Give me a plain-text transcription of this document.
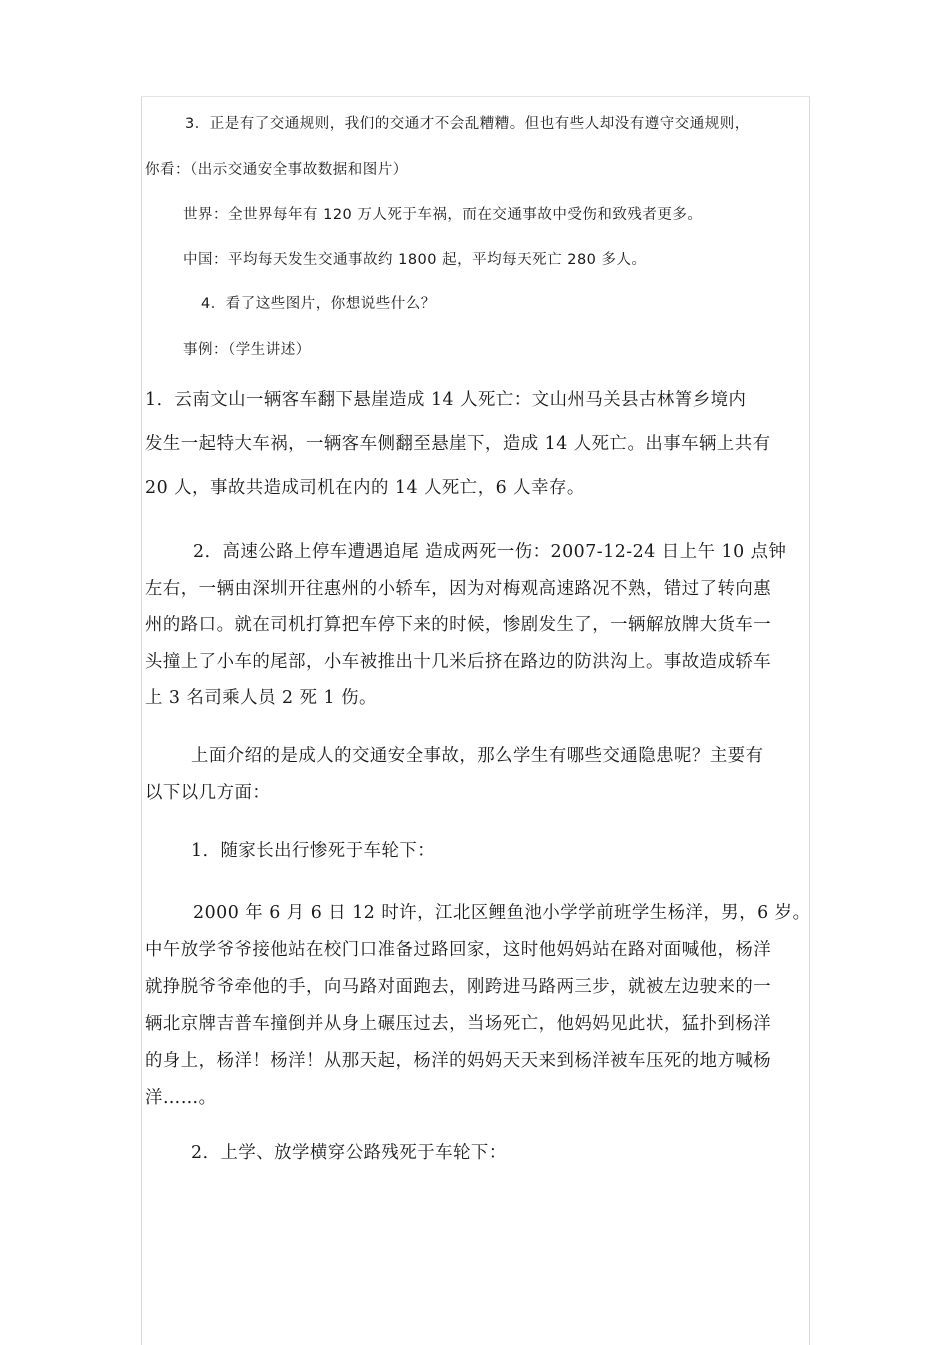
3．正是有了交通规则，我们的交通才不会乱糟糟。但也有些人却没有遵守交通规则，
你看：（出示交通安全事故数据和图片）
世界：全世界每年有 120 万人死于车祸，而在交通事故中受伤和致残者更多。
中国：平均每天发生交通事故约 1800 起，平均每天死亡 280 多人。
4．看了这些图片，你想说些什么？
事例：（学生讲述）
1．云南文山一辆客车翻下悬崖造成 14 人死亡：文山州马关县古林箐乡境内
发生一起特大车祸，一辆客车侧翻至悬崖下，造成 14 人死亡。出事车辆上共有
20 人，事故共造成司机在内的 14 人死亡，6 人幸存。
2．高速公路上停车遭遇追尾 造成两死一伤：2007-12-24 日上午 10 点钟
左右，一辆由深圳开往惠州的小轿车，因为对梅观高速路况不熟，错过了转向惠
州的路口。就在司机打算把车停下来的时候，惨剧发生了，一辆解放牌大货车一
头撞上了小车的尾部，小车被推出十几米后挤在路边的防洪沟上。事故造成轿车
上 3 名司乘人员 2 死 1 伤。
上面介绍的是成人的交通安全事故，那么学生有哪些交通隐患呢？主要有
以下以几方面：
1．随家长出行惨死于车轮下：
2000 年 6 月 6 日 12 时许，江北区鲤鱼池小学学前班学生杨洋，男，6 岁。
中午放学爷爷接他站在校门口准备过路回家，这时他妈妈站在路对面喊他，杨洋
就挣脱爷爷牵他的手，向马路对面跑去，刚跨进马路两三步，就被左边驶来的一
辆北京牌吉普车撞倒并从身上碾压过去，当场死亡，他妈妈见此状，猛扑到杨洋
的身上，杨洋！杨洋！从那天起，杨洋的妈妈天天来到杨洋被车压死的地方喊杨
洋……。
2．上学、放学横穿公路残死于车轮下：
